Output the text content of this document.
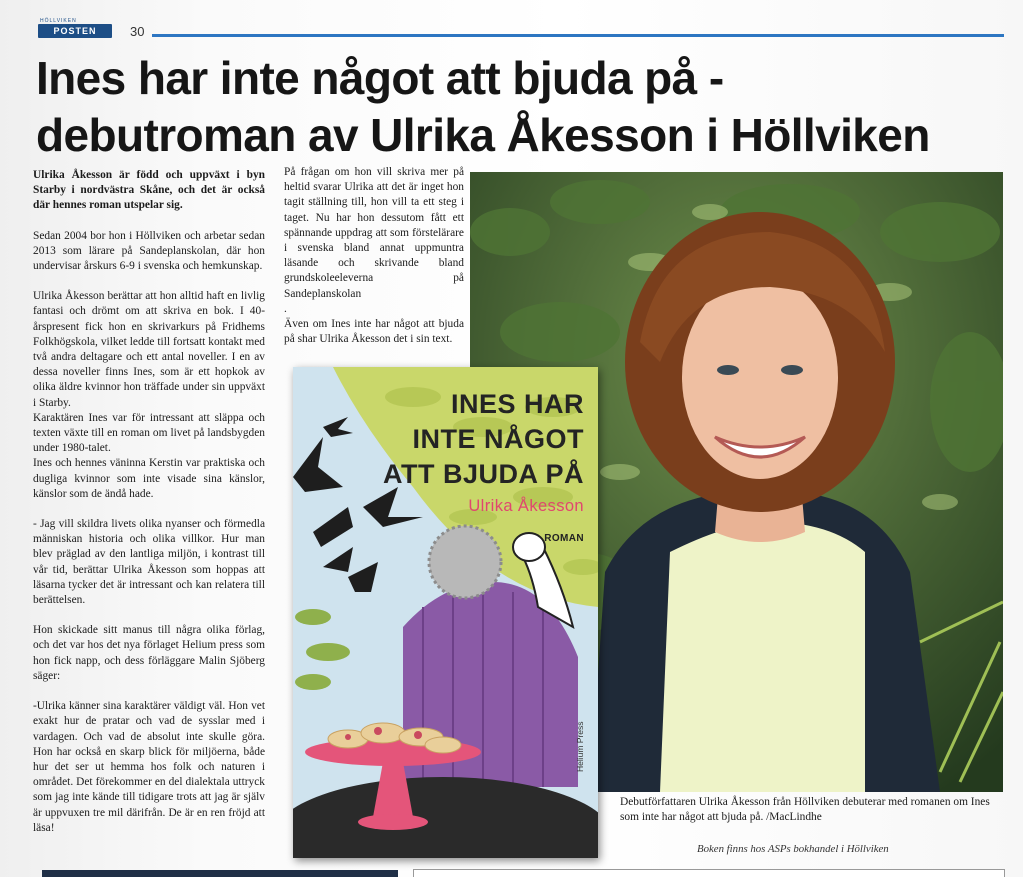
HÖLLVIKEN
POSTEN	30
Ines har inte något att bjuda på -
debutroman av Ulrika Åkesson i Höllviken

Ulrika Åkesson är född och uppväxt i byn Starby i nordvästra Skåne, och det är också där hennes roman utspelar sig.

Sedan 2004 bor hon i Höllviken och arbetar sedan 2013 som lärare på Sandeplanskolan, där hon undervisar årskurs 6-9 i svenska och hemkunskap.

Ulrika Åkesson berättar att hon alltid haft en livlig fantasi och drömt om att skriva en bok. I 40-årspresent fick hon en skrivarkurs på Fridhems Folkhögskola, vilket ledde till fortsatt kontakt med två andra deltagare och ett antal noveller. I en av dessa noveller finns Ines, som är ett hopkok av olika äldre kvinnor hon träffade under sin uppväxt i Starby.

Karaktären Ines var för intressant att släppa och texten växte till en roman om livet på landsbygden under 1980-talet.

Ines och hennes väninna Kerstin var praktiska och dugliga kvinnor som inte visade sina känslor, känslor som de ändå hade.

- Jag vill skildra livets olika nyanser och förmedla människan historia och olika villkor. Hur man blev präglad av den lantliga miljön, i kontrast till vår tid, berättar Ulrika Åkesson som hoppas att läsarna tycker det är intressant och kan relatera till berättelsen.

Hon skickade sitt manus till några olika förlag, och det var hos det nya förlaget Helium press som hon fick napp, och dess förläggare Malin Sjöberg säger:

-Ulrika känner sina karaktärer väldigt väl. Hon vet exakt hur de pratar och vad de sysslar med i vardagen. Och vad de absolut inte skulle göra. Hon har också en skarp blick för miljöerna, både hur det ser ut hemma hos folk och naturen i området. Det förekommer en del dialektala uttryck som jag inte kände till tidigare trots att jag är själv är uppvuxen tre mil därifrån. De är en ren fröjd att läsa!

På frågan om hon vill skriva mer på heltid svarar Ulrika att det är inget hon tagit ställning till, hon vill ta ett steg i taget. Nu har hon dessutom fått ett spännande uppdrag att som förstelärare i svenska bland annat uppmuntra läsande och skrivande bland grundskoleeleverna på Sandeplanskolan

.

Även om Ines inte har något att bjuda på shar Ulrika Åkesson det i sin text.

INES HAR
INTE NÅGOT
ATT BJUDA PÅ
Ulrika Åkesson
ROMAN
Helium Press
Debutförfattaren Ulrika Åkesson från Höllviken debuterar med romanen om Ines som inte har något att bjuda på. /MacLindhe
Boken finns hos ASPs bokhandel i Höllviken
